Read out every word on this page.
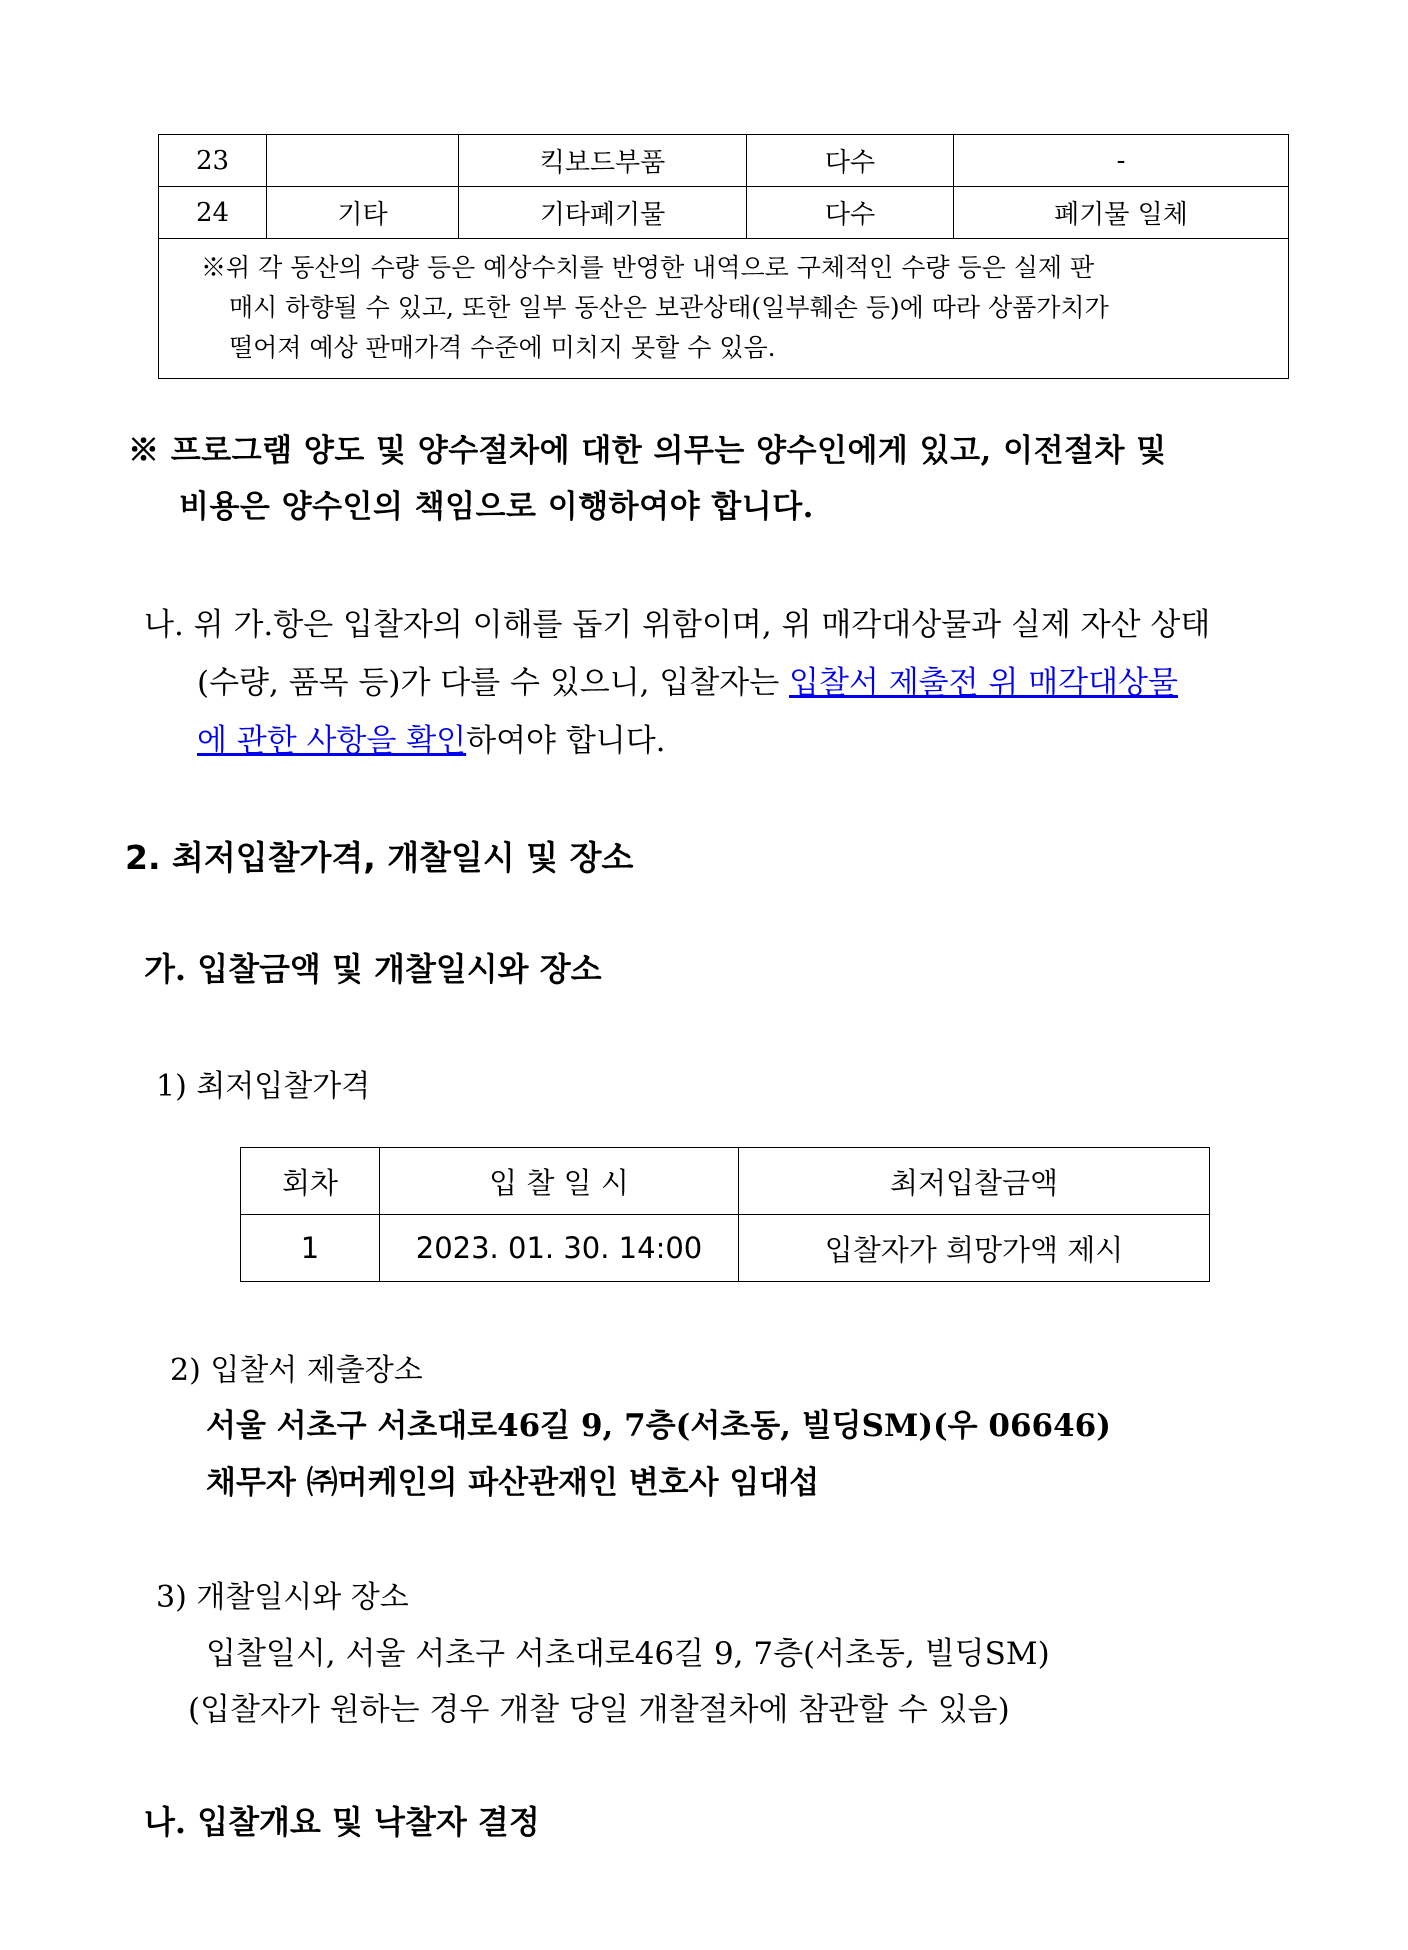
23		킥보드부품	다수	-
24	기타	기타폐기물	다수	폐기물 일체
※위 각 동산의 수량 등은 예상수치를 반영한 내역으로 구체적인 수량 등은 실제 판
매시 하향될 수 있고, 또한 일부 동산은 보관상태(일부훼손 등)에 따라 상품가치가
떨어져 예상 판매가격 수준에 미치지 못할 수 있음.				
※ 프로그램 양도 및 양수절차에 대한 의무는 양수인에게 있고, 이전절차 및
비용은 양수인의 책임으로 이행하여야 합니다.
나. 위 가.항은 입찰자의 이해를 돕기 위함이며, 위 매각대상물과 실제 자산 상태
(수량, 품목 등)가 다를 수 있으니, 입찰자는 입찰서 제출전 위 매각대상물
에 관한 사항을 확인하여야 합니다.
2. 최저입찰가격, 개찰일시 및 장소
가. 입찰금액 및 개찰일시와 장소
1) 최저입찰가격
회차	입 찰 일 시	최저입찰금액
1	2023. 01. 30. 14:00	입찰자가 희망가액 제시
2) 입찰서 제출장소
서울 서초구 서초대로46길 9, 7층(서초동, 빌딩SM)(우 06646)
채무자 ㈜머케인의 파산관재인 변호사 임대섭
3) 개찰일시와 장소
입찰일시, 서울 서초구 서초대로46길 9, 7층(서초동, 빌딩SM)
(입찰자가 원하는 경우 개찰 당일 개찰절차에 참관할 수 있음)
나. 입찰개요 및 낙찰자 결정
